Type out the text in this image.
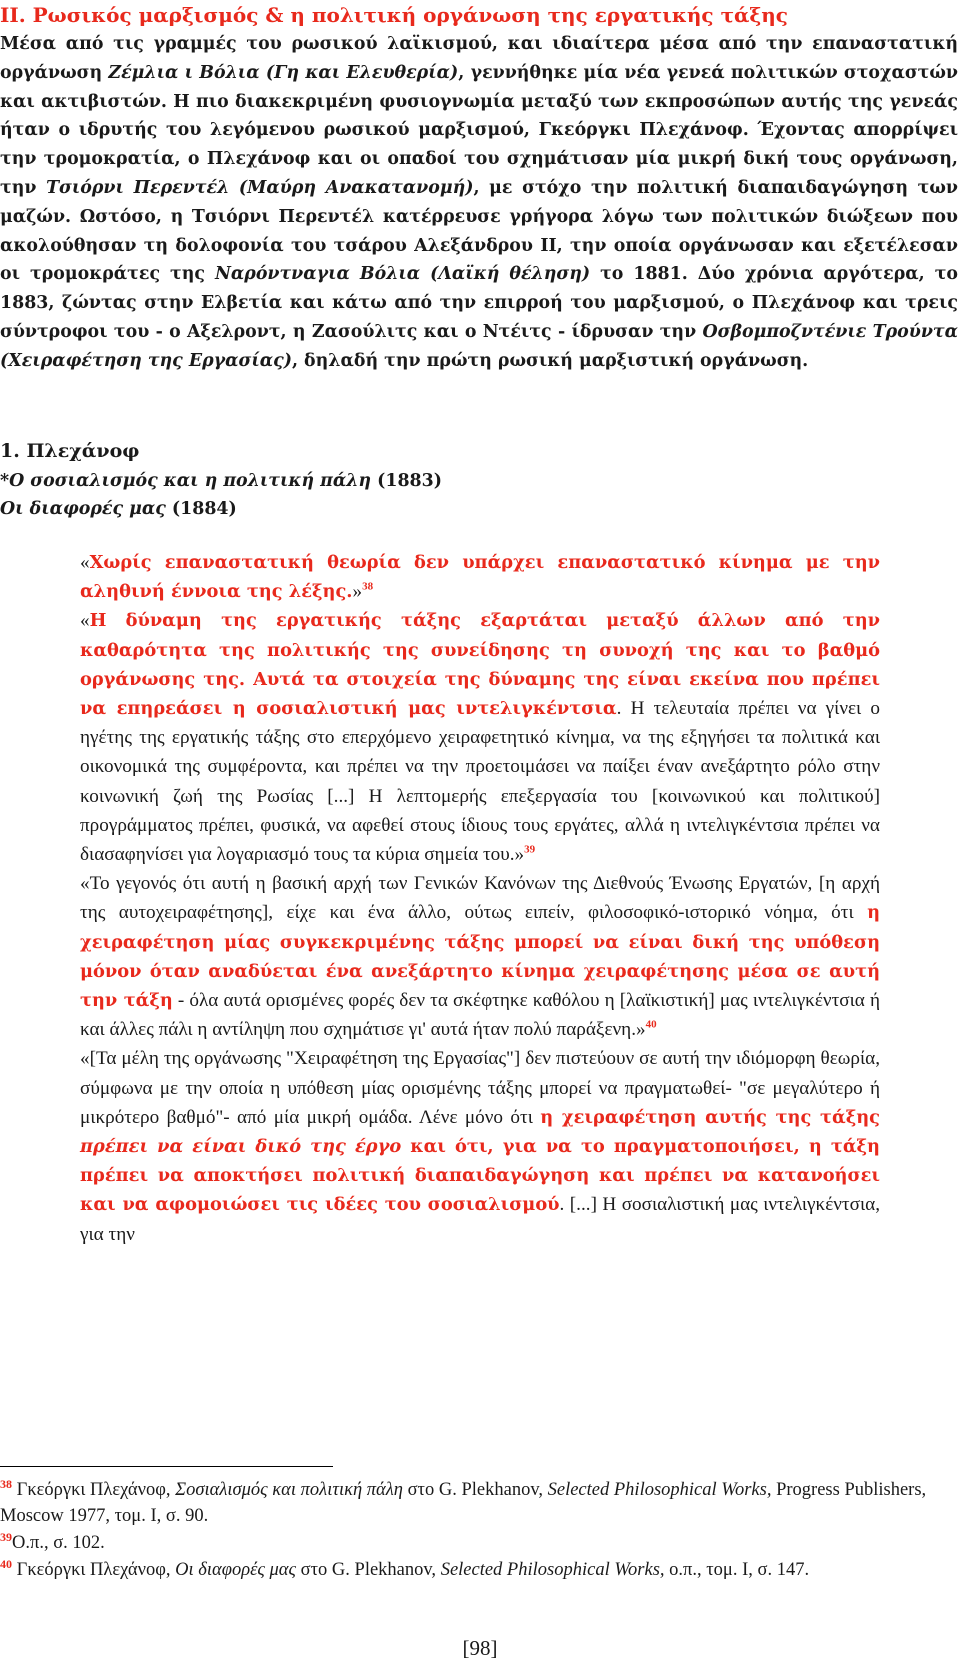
ΙΙ. Ρωσικός μαρξισμός & η πολιτική οργάνωση της εργατικής τάξης
Μέσα από τις γραμμές του ρωσικού λαϊκισμού, και ιδιαίτερα μέσα από την επαναστατική οργάνωση Ζέμλια ι Βόλια (Γη και Ελευθερία), γεννήθηκε μία νέα γενεά πολιτικών στοχαστών και ακτιβιστών. Η πιο διακεκριμένη φυσιογνωμία μεταξύ των εκπροσώπων αυτής της γενεάς ήταν ο ιδρυτής του λεγόμενου ρωσικού μαρξισμού, Γκεόργκι Πλεχάνοφ. Έχοντας απορρίψει την τρομοκρατία, ο Πλεχάνοφ και οι οπαδοί του σχημάτισαν μία μικρή δική τους οργάνωση, την Τσιόρνι Περεντέλ (Μαύρη Ανακατανομή), με στόχο την πολιτική διαπαιδαγώγηση των μαζών. Ωστόσο, η Τσιόρνι Περεντέλ κατέρρευσε γρήγορα λόγω των πολιτικών διώξεων που ακολούθησαν τη δολοφονία του τσάρου Αλεξάνδρου ΙΙ, την οποία οργάνωσαν και εξετέλεσαν οι τρομοκράτες της Ναρόντναγια Βόλια (Λαϊκή θέληση) το 1881. Δύο χρόνια αργότερα, το 1883, ζώντας στην Ελβετία και κάτω από την επιρροή του μαρξισμού, ο Πλεχάνοφ και τρεις σύντροφοι του - ο Αξελροντ, η Ζασούλιτς και ο Ντέιτς - ίδρυσαν την Οσβομποζντένιε Τρούντα (Χειραφέτηση της Εργασίας), δηλαδή την πρώτη ρωσική μαρξιστική οργάνωση.
1. Πλεχάνοφ
*Ο σοσιαλισμός και η πολιτική πάλη (1883)
Οι διαφορές μας (1884)

«Χωρίς επαναστατική θεωρία δεν υπάρχει επαναστατικό κίνημα με την αληθινή έννοια της λέξης.»$^{38}$

«Η δύναμη της εργατικής τάξης εξαρτάται μεταξύ άλλων από την καθαρότητα της πολιτικής της συνείδησης τη συνοχή της και το βαθμό οργάνωσης της. Αυτά τα στοιχεία της δύναμης της είναι εκείνα που πρέπει να επηρεάσει η σοσιαλιστική μας ιντελιγκέντσια. Η τελευταία πρέπει να γίνει ο ηγέτης της εργατικής τάξης στο επερχόμενο χειραφετητικό κίνημα, να της εξηγήσει τα πολιτικά και οικονομικά της συμφέροντα, και πρέπει να την προετοιμάσει να παίξει έναν ανεξάρτητο ρόλο στην κοινωνική ζωή της Ρωσίας [...] Η λεπτομερής επεξεργασία του [κοινωνικού και πολιτικού] προγράμματος πρέπει, φυσικά, να αφεθεί στους ίδιους τους εργάτες, αλλά η ιντελιγκέντσια πρέπει να διασαφηνίσει για λογαριασμό τους τα κύρια σημεία του.»$^{39}$

«Το γεγονός ότι αυτή η βασική αρχή των Γενικών Κανόνων της Διεθνούς Ένωσης Εργατών, [η αρχή της αυτοχειραφέτησης], είχε και ένα άλλο, ούτως ειπείν, φιλοσοφικό-ιστορικό νόημα, ότι η χειραφέτηση μίας συγκεκριμένης τάξης μπορεί να είναι δική της υπόθεση μόνον όταν αναδύεται ένα ανεξάρτητο κίνημα χειραφέτησης μέσα σε αυτή την τάξη - όλα αυτά ορισμένες φορές δεν τα σκέφτηκε καθόλου η [λαϊκιστική] μας ιντελιγκέντσια ή και άλλες πάλι η αντίληψη που σχημάτισε γι' αυτά ήταν πολύ παράξενη.»$^{40}$

«[Τα μέλη της οργάνωσης "Χειραφέτηση της Εργασίας"] δεν πιστεύουν σε αυτή την ιδιόμορφη θεωρία, σύμφωνα με την οποία η υπόθεση μίας ορισμένης τάξης μπορεί να πραγματωθεί- "σε μεγαλύτερο ή μικρότερο βαθμό"- από μία μικρή ομάδα. Λένε μόνο ότι η χειραφέτηση αυτής της τάξης πρέπει να είναι δικό της έργο και ότι, για να το πραγματοποιήσει, η τάξη πρέπει να αποκτήσει πολιτική διαπαιδαγώγηση και πρέπει να κατανοήσει και να αφομοιώσει τις ιδέες του σοσιαλισμού. [...] Η σοσιαλιστική μας ιντελιγκέντσια, για την

$^{38}$ Γκεόργκι Πλεχάνοφ, Σοσιαλισμός και πολιτική πάλη στο G. Plekhanov, Selected Philosophical Works, Progress Publishers, Moscow 1977, τομ. Ι, σ. 90.
$^{39}$Ο.π., σ. 102.
$^{40}$ Γκεόργκι Πλεχάνοφ, Οι διαφορές μας στο G. Plekhanov, Selected Philosophical Works, ο.π., τομ. Ι, σ. 147.
[98]
